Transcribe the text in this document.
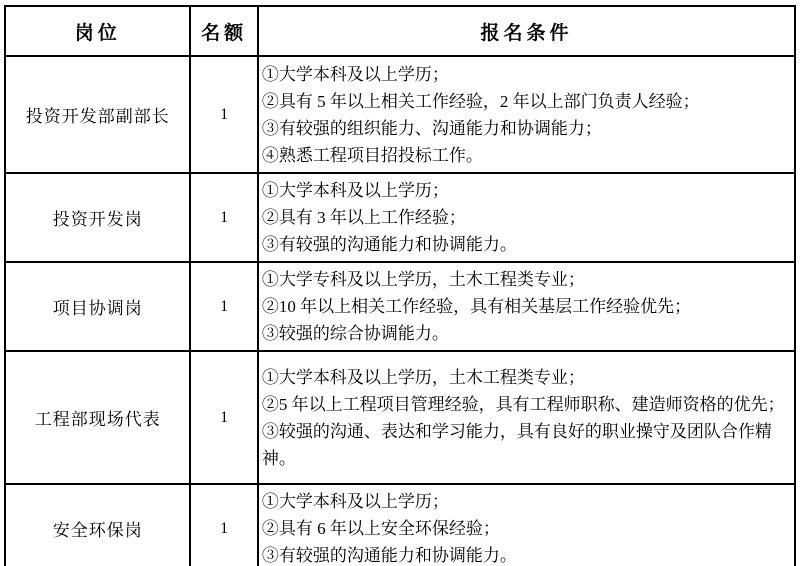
岗位	名额	报名条件
投资开发部副部长	1	①大学本科及以上学历；
②具有 5 年以上相关工作经验，2 年以上部门负责人经验；
③有较强的组织能力、沟通能力和协调能力；
④熟悉工程项目招投标工作。

投资开发岗	1	①大学本科及以上学历；
②具有 3 年以上工作经验；
③有较强的沟通能力和协调能力。

项目协调岗	1	①大学专科及以上学历，土木工程类专业；
②10 年以上相关工作经验，具有相关基层工作经验优先；
③较强的综合协调能力。

工程部现场代表	1	①大学本科及以上学历，土木工程类专业；
②5 年以上工程项目管理经验，具有工程师职称、建造师资格的优先；
③较强的沟通、表达和学习能力，具有良好的职业操守及团队合作精神。

安全环保岗	1	①大学本科及以上学历；
②具有 6 年以上安全环保经验；
③有较强的沟通能力和协调能力。
